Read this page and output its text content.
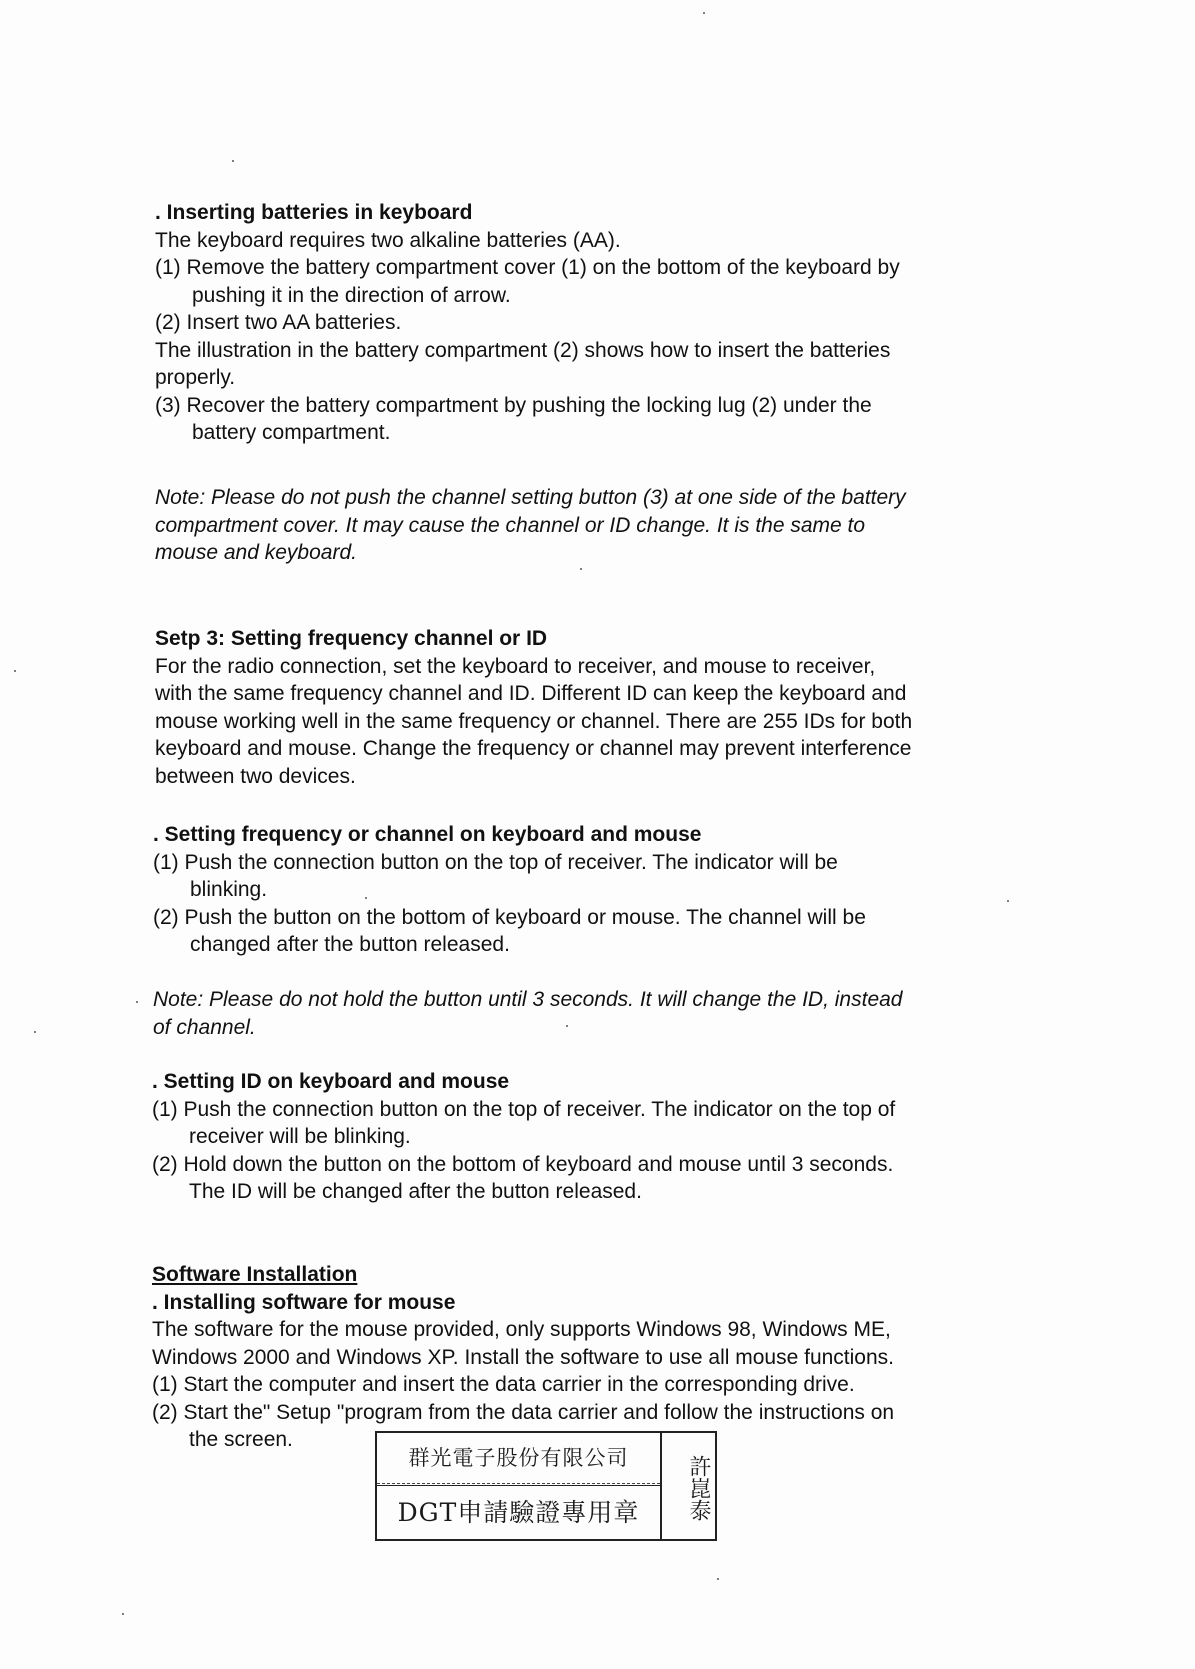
. Inserting batteries in keyboard
The keyboard requires two alkaline batteries (AA).
(1) Remove the battery compartment cover (1) on the bottom of the keyboard by
pushing it in the direction of arrow.
(2) Insert two AA batteries.
The illustration in the battery compartment (2) shows how to insert the batteries
properly.
(3) Recover the battery compartment by pushing the locking lug (2) under the
battery compartment.
Note: Please do not push the channel setting button (3) at one side of the battery
compartment cover. It may cause the channel or ID change. It is the same to
mouse and keyboard.
Setp 3: Setting frequency channel or ID
For the radio connection, set the keyboard to receiver, and mouse to receiver,
with the same frequency channel and ID. Different ID can keep the keyboard and
mouse working well in the same frequency or channel. There are 255 IDs for both
keyboard and mouse. Change the frequency or channel may prevent interference
between two devices.
. Setting frequency or channel on keyboard and mouse
(1) Push the connection button on the top of receiver. The indicator will be
blinking.
(2) Push the button on the bottom of keyboard or mouse. The channel will be
changed after the button released.
Note: Please do not hold the button until 3 seconds. It will change the ID, instead
of channel.
. Setting ID on keyboard and mouse
(1) Push the connection button on the top of receiver. The indicator on the top of
receiver will be blinking.
(2) Hold down the button on the bottom of keyboard and mouse until 3 seconds.
The ID will be changed after the button released.
Software Installation
. Installing software for mouse
The software for the mouse provided, only supports Windows 98, Windows ME,
Windows 2000 and Windows XP. Install the software to use all mouse functions.
(1) Start the computer and insert the data carrier in the corresponding drive.
(2) Start the" Setup "program from the data carrier and follow the instructions on
the screen.
群光電子股份有限公司
DGT申請驗證專用章	許崑泰
